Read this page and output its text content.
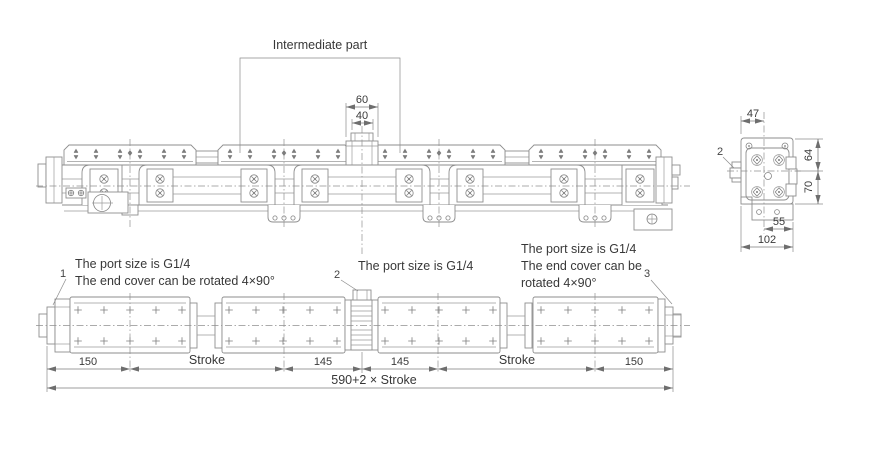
Intermediate part
60
40
2
47
64
70
55
102
1
The port size is G1/4
The end cover can be rotated 4×90°	2
The port size is G1/4
The port size is G1/4
The end cover can be
rotated 4×90°
3
150	Stroke	145	145	Stroke	150
590+2 × Stroke
